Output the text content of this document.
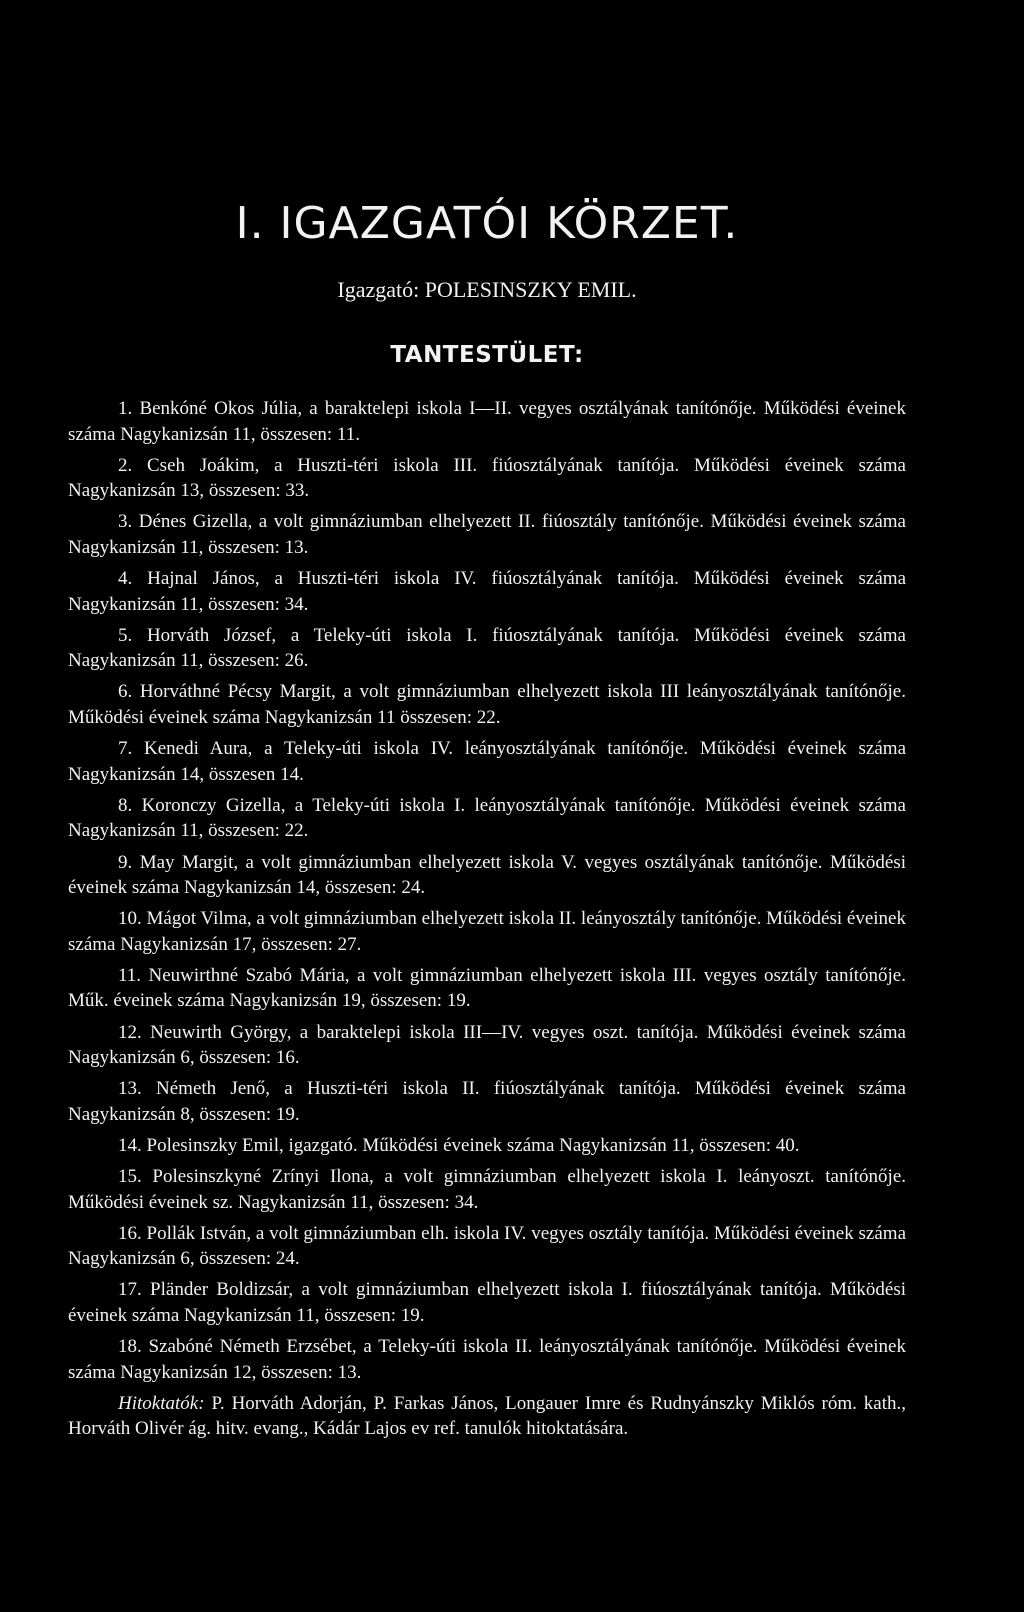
I. IGAZGATÓI KÖRZET.
Igazgató: POLESINSZKY EMIL.
TANTESTÜLET:

1. Benkóné Okos Júlia, a baraktelepi iskola I—II. vegyes osztályának tanítónője. Működési éveinek száma Nagykanizsán 11, összesen: 11.

2. Cseh Joákim, a Huszti-téri iskola III. fiúosztályának tanítója. Működési éveinek száma Nagykanizsán 13, összesen: 33.

3. Dénes Gizella, a volt gimnáziumban elhelyezett II. fiúosztály tanítónője. Működési éveinek száma Nagykanizsán 11, összesen: 13.

4. Hajnal János, a Huszti-téri iskola IV. fiúosztályának tanítója. Működési éveinek száma Nagykanizsán 11, összesen: 34.

5. Horváth József, a Teleky-úti iskola I. fiúosztályának tanítója. Működési éveinek száma Nagykanizsán 11, összesen: 26.

6. Horváthné Pécsy Margit, a volt gimnáziumban elhelyezett iskola III leányosztályának tanítónője. Működési éveinek száma Nagykanizsán 11 összesen: 22.

7. Kenedi Aura, a Teleky-úti iskola IV. leányosztályának tanítónője. Működési éveinek száma Nagykanizsán 14, összesen 14.

8. Koronczy Gizella, a Teleky-úti iskola I. leányosztályának tanítónője. Működési éveinek száma Nagykanizsán 11, összesen: 22.

9. May Margit, a volt gimnáziumban elhelyezett iskola V. vegyes osztályának tanítónője. Működési éveinek száma Nagykanizsán 14, összesen: 24.

10. Mágot Vilma, a volt gimnáziumban elhelyezett iskola II. leányosztály tanítónője. Működési éveinek száma Nagykanizsán 17, összesen: 27.

11. Neuwirthné Szabó Mária, a volt gimnáziumban elhelyezett iskola III. vegyes osztály tanítónője. Műk. éveinek száma Nagykanizsán 19, összesen: 19.

12. Neuwirth György, a baraktelepi iskola III—IV. vegyes oszt. tanítója. Működési éveinek száma Nagykanizsán 6, összesen: 16.

13. Németh Jenő, a Huszti-téri iskola II. fiúosztályának tanítója. Működési éveinek száma Nagykanizsán 8, összesen: 19.

14. Polesinszky Emil, igazgató. Működési éveinek száma Nagykanizsán 11, összesen: 40.

15. Polesinszkyné Zrínyi Ilona, a volt gimnáziumban elhelyezett iskola I. leányoszt. tanítónője. Működési éveinek sz. Nagykanizsán 11, összesen: 34.

16. Pollák István, a volt gimnáziumban elh. iskola IV. vegyes osztály tanítója. Működési éveinek száma Nagykanizsán 6, összesen: 24.

17. Pländer Boldizsár, a volt gimnáziumban elhelyezett iskola I. fiúosztályának tanítója. Működési éveinek száma Nagykanizsán 11, összesen: 19.

18. Szabóné Németh Erzsébet, a Teleky-úti iskola II. leányosztályának tanítónője. Működési éveinek száma Nagykanizsán 12, összesen: 13.

Hitoktatók: P. Horváth Adorján, P. Farkas János, Longauer Imre és Rudnyánszky Miklós róm. kath., Horváth Olivér ág. hitv. evang., Kádár Lajos ev ref. tanulók hitoktatására.
